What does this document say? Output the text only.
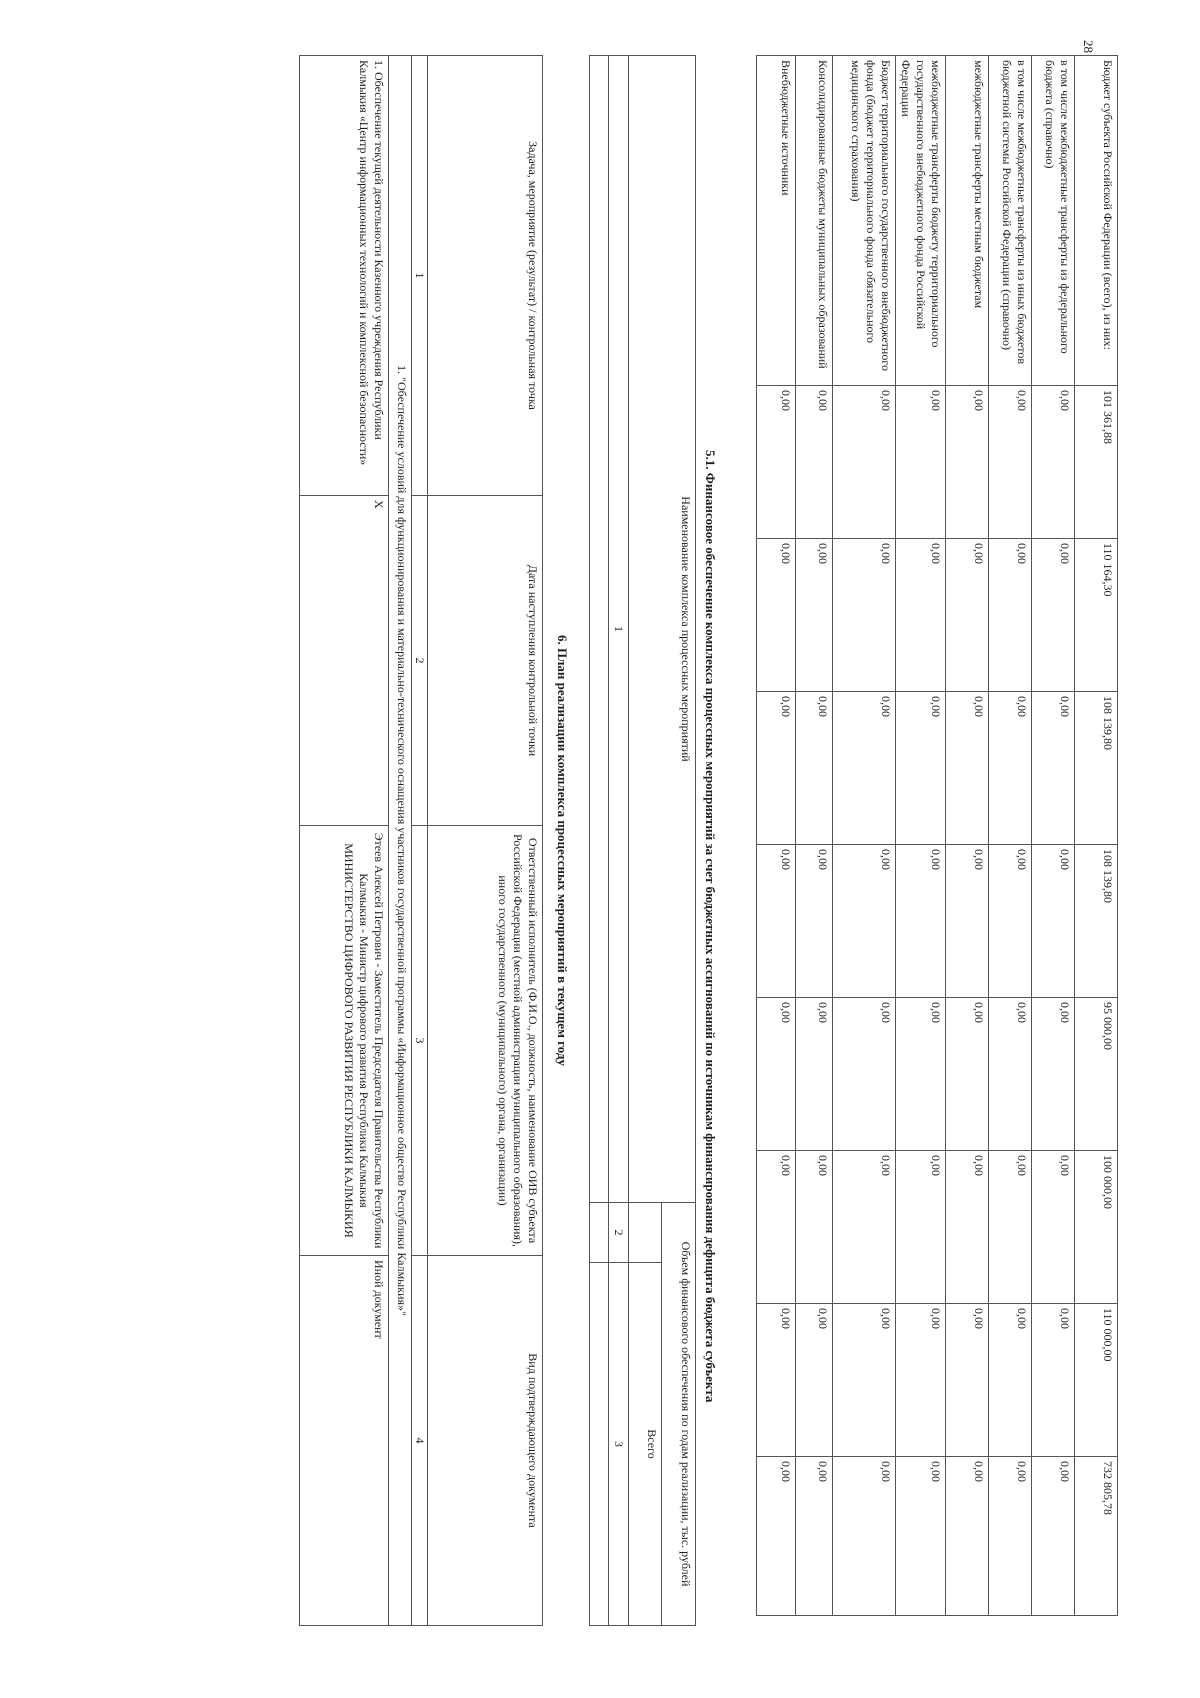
28
Бюджет субъекта Российской Федерации (всего), из них:	101 361,88	110 164,30	108 139,80	108 139,80	95 000,00	100 000,00	110 000,00	732 805,78
в том числе межбюджетные трансферты из федерального бюджета (справочно)	0,00	0,00	0,00	0,00	0,00	0,00	0,00	0,00
в том числе межбюджетные трансферты из иных бюджетов бюджетной системы Российской Федерации (справочно)	0,00	0,00	0,00	0,00	0,00	0,00	0,00	0,00
межбюджетные трансферты местным бюджетам	0,00	0,00	0,00	0,00	0,00	0,00	0,00	0,00
межбюджетные трансферты бюджету территориального государственного внебюджетного фонда Российской Федерации	0,00	0,00	0,00	0,00	0,00	0,00	0,00	0,00
Бюджет территориального государственного внебюджетного фонда (бюджет территориального фонда обязательного медицинского страхования)	0,00	0,00	0,00	0,00	0,00	0,00	0,00	0,00
Консолидированные бюджеты муниципальных образований	0,00	0,00	0,00	0,00	0,00	0,00	0,00	0,00
Внебюджетные источники	0,00	0,00	0,00	0,00	0,00	0,00	0,00	0,00
5.1. Финансовое обеспечение комплекса процессных мероприятий за счет бюджетных ассигнований по источникам финансирования дефицита бюджета субъекта
Наименование комплекса процессных мероприятий	Объем финансового обеспечения по годам реализации, тыс. рублей	
		Всего
1	2	3

6. План реализации комплекса процессных мероприятий в текущем году
Задача, мероприятие (результат) / контрольная точка	Дата наступления контрольной точки	Ответственный исполнитель (Ф.И.О., должность, наименование ОИВ субъекта Российской Федерации (местной администрации муниципального образования), иного государственного (муниципального) органа, организации)	Вид подтверждающего документа
1	2	3	4
1. "Обеспечение условий для функционирования и материально-технического оснащения участников государственной программы «Информационное общество Республики Калмыкия»"			
1. Обеспечение текущей деятельности Казенного учреждения Республики Калмыкия «Центр информационных технологий и комплексной безопасности»	X	Этеев Алексей Петрович - Заместитель Председателя Правительства Республики Калмыкия - Министр цифрового развития Республики Калмыкия МИНИСТЕРСТВО ЦИФРОВОГО РАЗВИТИЯ РЕСПУБЛИКИ КАЛМЫКИЯ	Иной документ
